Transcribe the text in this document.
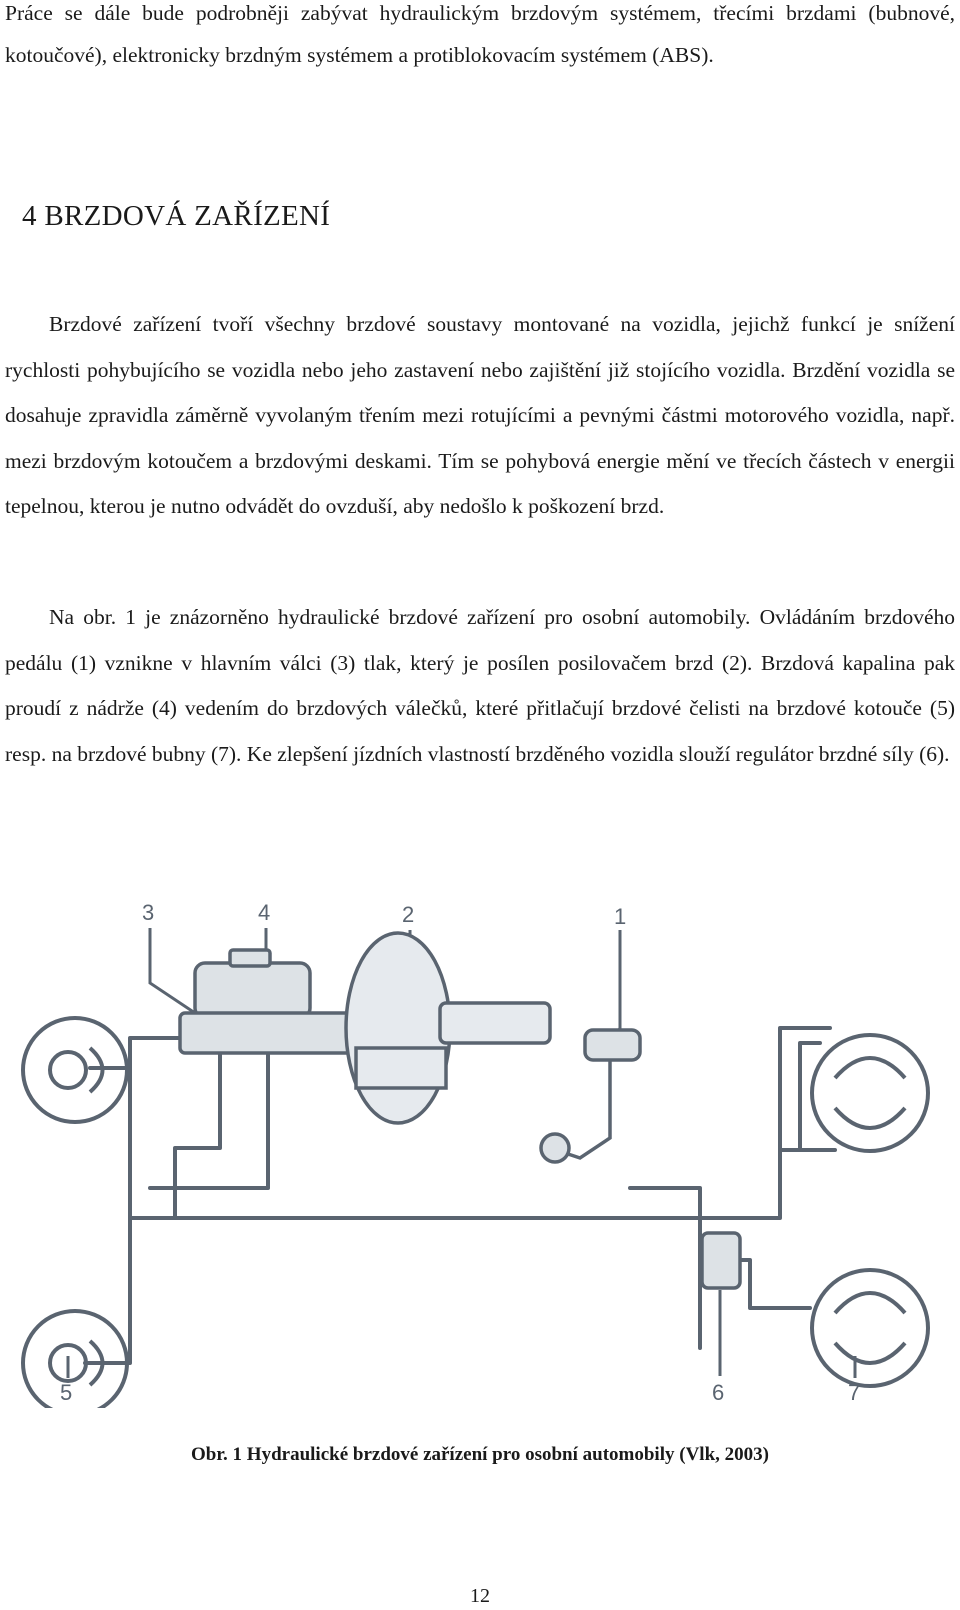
Práce se dále bude podrobněji zabývat hydraulickým brzdovým systémem, třecími brzdami (bubnové, kotoučové), elektronicky brzdným systémem a protiblokovacím systémem (ABS).

4 BRZDOVÁ ZAŘÍZENÍ

Brzdové zařízení tvoří všechny brzdové soustavy montované na vozidla, jejichž funkcí je snížení rychlosti pohybujícího se vozidla nebo jeho zastavení nebo zajištění již stojícího vozidla. Brzdění vozidla se dosahuje zpravidla záměrně vyvolaným třením mezi rotujícími a pevnými částmi motorového vozidla, např. mezi brzdovým kotoučem a brzdovými deskami. Tím se pohybová energie mění ve třecích částech v energii tepelnou, kterou je nutno odvádět do ovzduší, aby nedošlo k poškození brzd.

Na obr. 1 je znázorněno hydraulické brzdové zařízení pro osobní automobily. Ovládáním brzdového pedálu (1) vznikne v hlavním válci (3) tlak, který je posílen posilovačem brzd (2). Brzdová kapalina pak proudí z nádrže (4) vedením do brzdových válečků, které přitlačují brzdové čelisti na brzdové kotouče (5) resp. na brzdové bubny (7). Ke zlepšení jízdních vlastností brzděného vozidla slouží regulátor brzdné síly (6).

3	4	2	1
5	6	7

Obr. 1 Hydraulické brzdové zařízení pro osobní automobily (Vlk, 2003)

12
